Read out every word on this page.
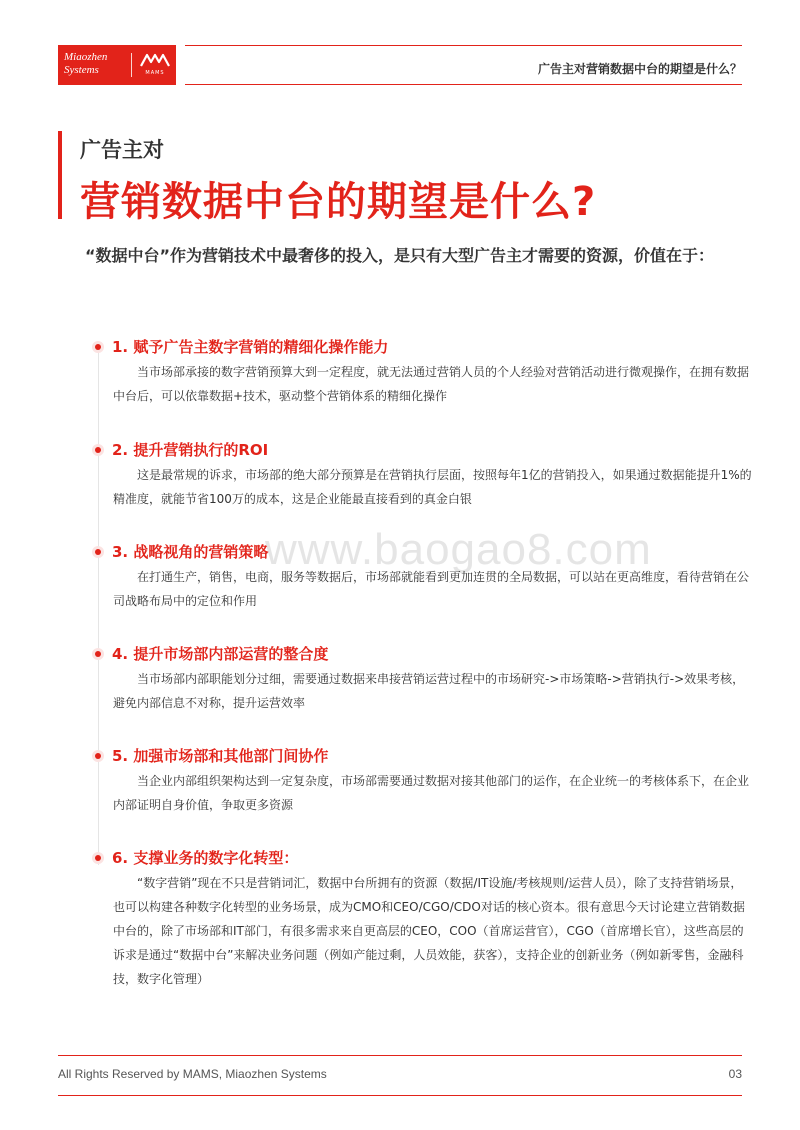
Miaozhen
Systems	MAMS	广告主对营销数据中台的期望是什么？
广告主对
营销数据中台的期望是什么?
“数据中台”作为营销技术中最奢侈的投入，是只有大型广告主才需要的资源，价值在于：
www.baogao8.com
1. 赋予广告主数字营销的精细化操作能力
当市场部承接的数字营销预算大到一定程度，就无法通过营销人员的个人经验对营销活动进行微观操作，在拥有数据中台后，可以依靠数据+技术，驱动整个营销体系的精细化操作
2. 提升营销执行的ROI
这是最常规的诉求，市场部的绝大部分预算是在营销执行层面，按照每年1亿的营销投入，如果通过数据能提升1%的精准度，就能节省100万的成本，这是企业能最直接看到的真金白银
3. 战略视角的营销策略
在打通生产，销售，电商，服务等数据后，市场部就能看到更加连贯的全局数据，可以站在更高维度，看待营销在公司战略布局中的定位和作用
4. 提升市场部内部运营的整合度
当市场部内部职能划分过细，需要通过数据来串接营销运营过程中的市场研究->市场策略->营销执行->效果考核，避免内部信息不对称，提升运营效率
5. 加强市场部和其他部门间协作
当企业内部组织架构达到一定复杂度，市场部需要通过数据对接其他部门的运作，在企业统一的考核体系下，在企业内部证明自身价值，争取更多资源
6. 支撑业务的数字化转型：
“数字营销”现在不只是营销词汇，数据中台所拥有的资源（数据/IT设施/考核规则/运营人员），除了支持营销场景，也可以构建各种数字化转型的业务场景，成为CMO和CEO/CGO/CDO对话的核心资本。很有意思今天讨论建立营销数据中台的，除了市场部和IT部门，有很多需求来自更高层的CEO，COO（首席运营官），CGO（首席增长官），这些高层的诉求是通过“数据中台”来解决业务问题（例如产能过剩，人员效能，获客），支持企业的创新业务（例如新零售，金融科技，数字化管理）
All Rights Reserved by MAMS, Miaozhen Systems	03
